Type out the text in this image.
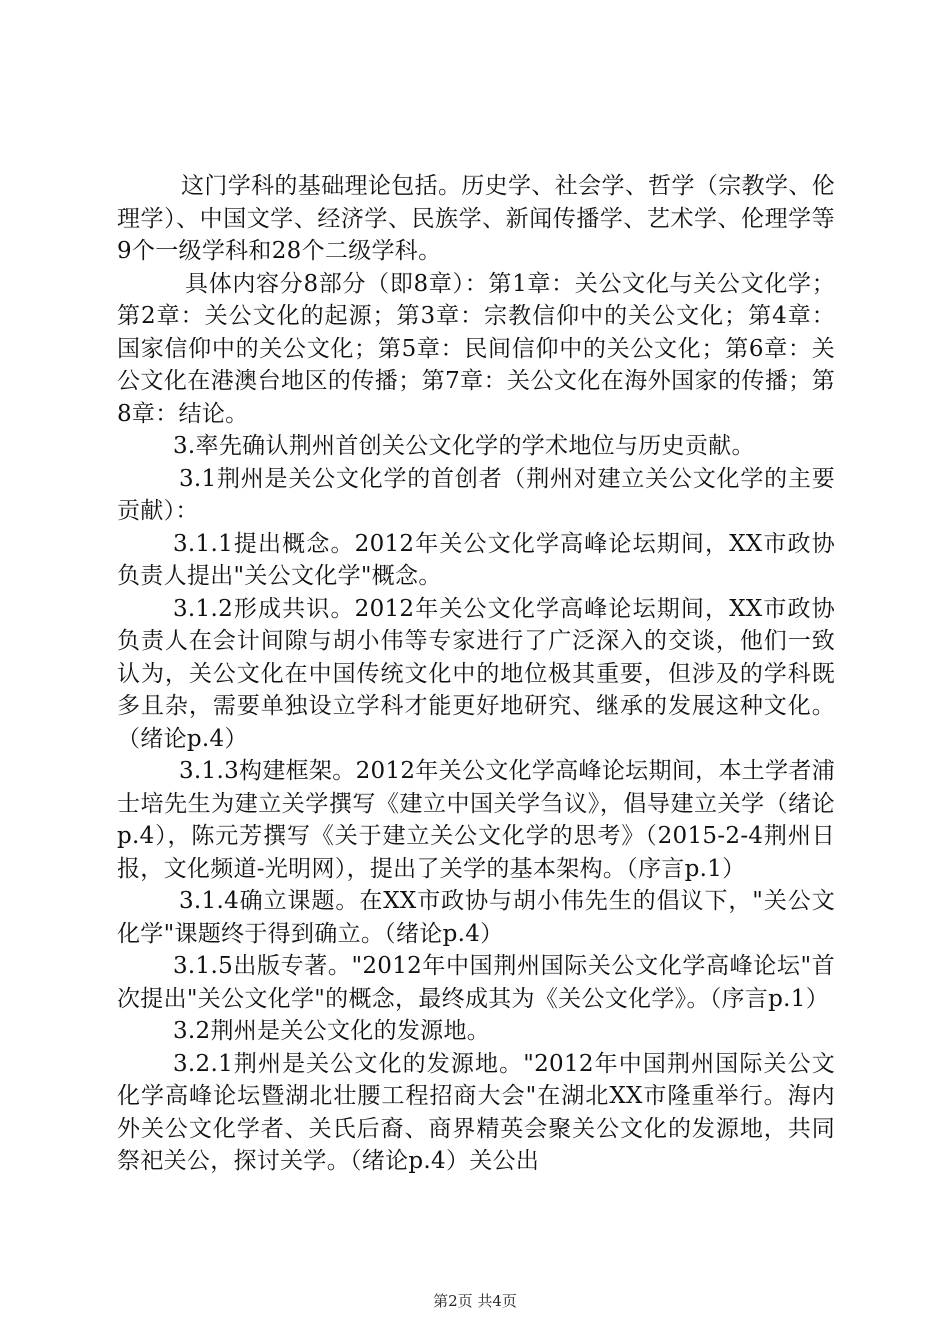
这门学科的基础理论包括。历史学、社会学、哲学（宗教学、伦理学）、中国文学、经济学、民族学、新闻传播学、艺术学、伦理学等9个一级学科和28个二级学科。

具体内容分8部分（即8章）：第1章：关公文化与关公文化学；第2章：关公文化的起源；第3章：宗教信仰中的关公文化；第4章：国家信仰中的关公文化；第5章：民间信仰中的关公文化；第6章：关公文化在港澳台地区的传播；第7章：关公文化在海外国家的传播；第8章：结论。

3.率先确认荆州首创关公文化学的学术地位与历史贡献。

3.1荆州是关公文化学的首创者（荆州对建立关公文化学的主要贡献）：

3.1.1提出概念。2012年关公文化学高峰论坛期间，XX市政协负责人提出"关公文化学"概念。

3.1.2形成共识。2012年关公文化学高峰论坛期间，XX市政协负责人在会计间隙与胡小伟等专家进行了广泛深入的交谈，他们一致认为，关公文化在中国传统文化中的地位极其重要，但涉及的学科既多且杂，需要单独设立学科才能更好地研究、继承的发展这种文化。（绪论p.4）

3.1.3构建框架。2012年关公文化学高峰论坛期间，本土学者浦士培先生为建立关学撰写《建立中国关学刍议》，倡导建立关学（绪论p.4），陈元芳撰写《关于建立关公文化学的思考》（2015-2-4荆州日报，文化频道-光明网），提出了关学的基本架构。（序言p.1）

3.1.4确立课题。在XX市政协与胡小伟先生的倡议下，"关公文化学"课题终于得到确立。（绪论p.4）

3.1.5出版专著。"2012年中国荆州国际关公文化学高峰论坛"首次提出"关公文化学"的概念，最终成其为《关公文化学》。（序言p.1）

3.2荆州是关公文化的发源地。

3.2.1荆州是关公文化的发源地。"2012年中国荆州国际关公文化学高峰论坛暨湖北壮腰工程招商大会"在湖北XX市隆重举行。海内外关公文化学者、关氏后裔、商界精英会聚关公文化的发源地，共同祭祀关公，探讨关学。（绪论p.4）关公出

第2页 共4页
